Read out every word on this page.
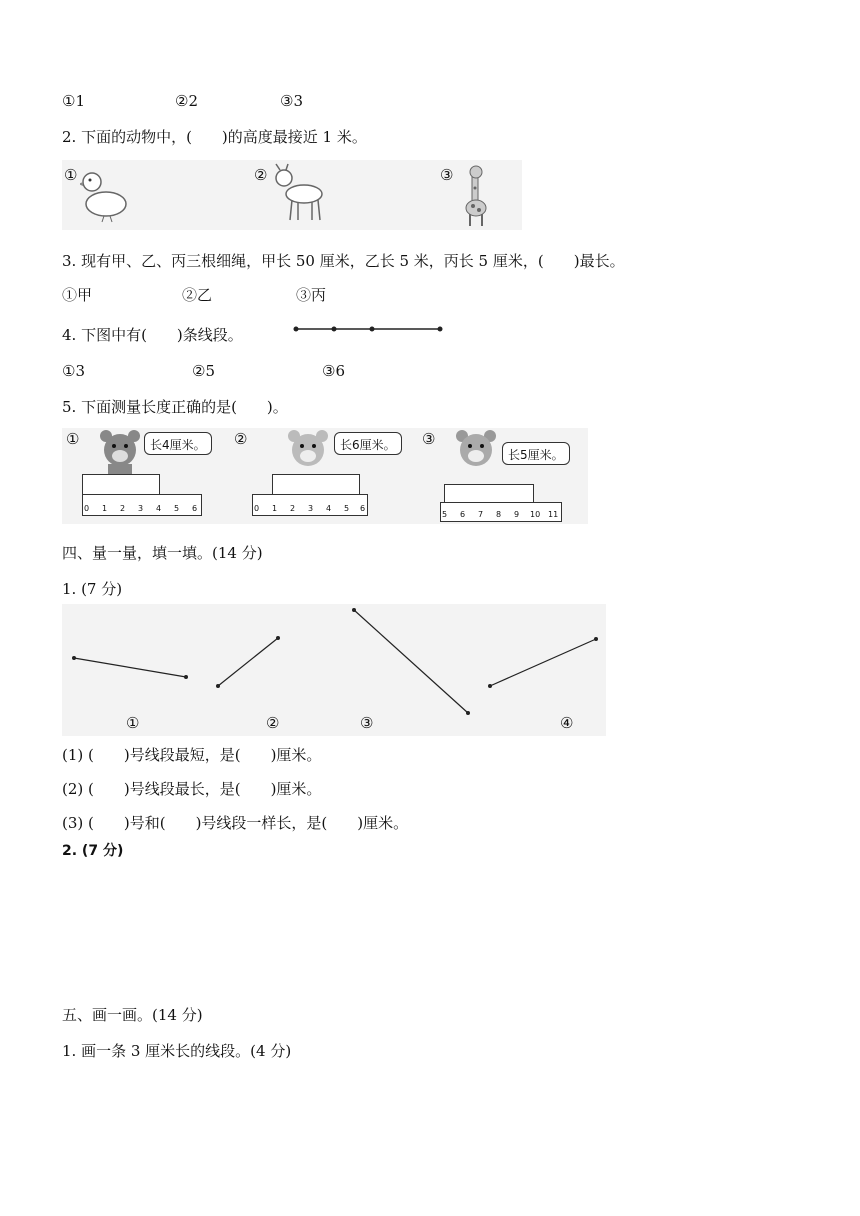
①1	②2	③3
2. 下面的动物中，(　　)的高度最接近 1 米。
①	②	③
3. 现有甲、乙、丙三根细绳，甲长 50 厘米，乙长 5 米，丙长 5 厘米，(　　)最长。
①甲	②乙	③丙
4. 下图中有(　　)条线段。
①3	②5	③6
5. 下面测量长度正确的是(　　)。
①	长4厘米。
0 1 2 3 4 5 6
②	长6厘米。
0 1 2 3 4 5 6
③
长5厘米。
5 6 7 8 9 10 11
四、量一量，填一填。(14 分)
1. (7 分)
①	②	③	④
(1) (　　)号线段最短，是(　　)厘米。
(2) (　　)号线段最长，是(　　)厘米。
(3) (　　)号和(　　)号线段一样长，是(　　)厘米。
2. (7 分)
(　　)厘米	(　　)厘米
(　　)厘米
(　　)厘米
(　　)厘米
(　　)厘米	(　　)厘米
五、画一画。(14 分)
1. 画一条 3 厘米长的线段。(4 分)
